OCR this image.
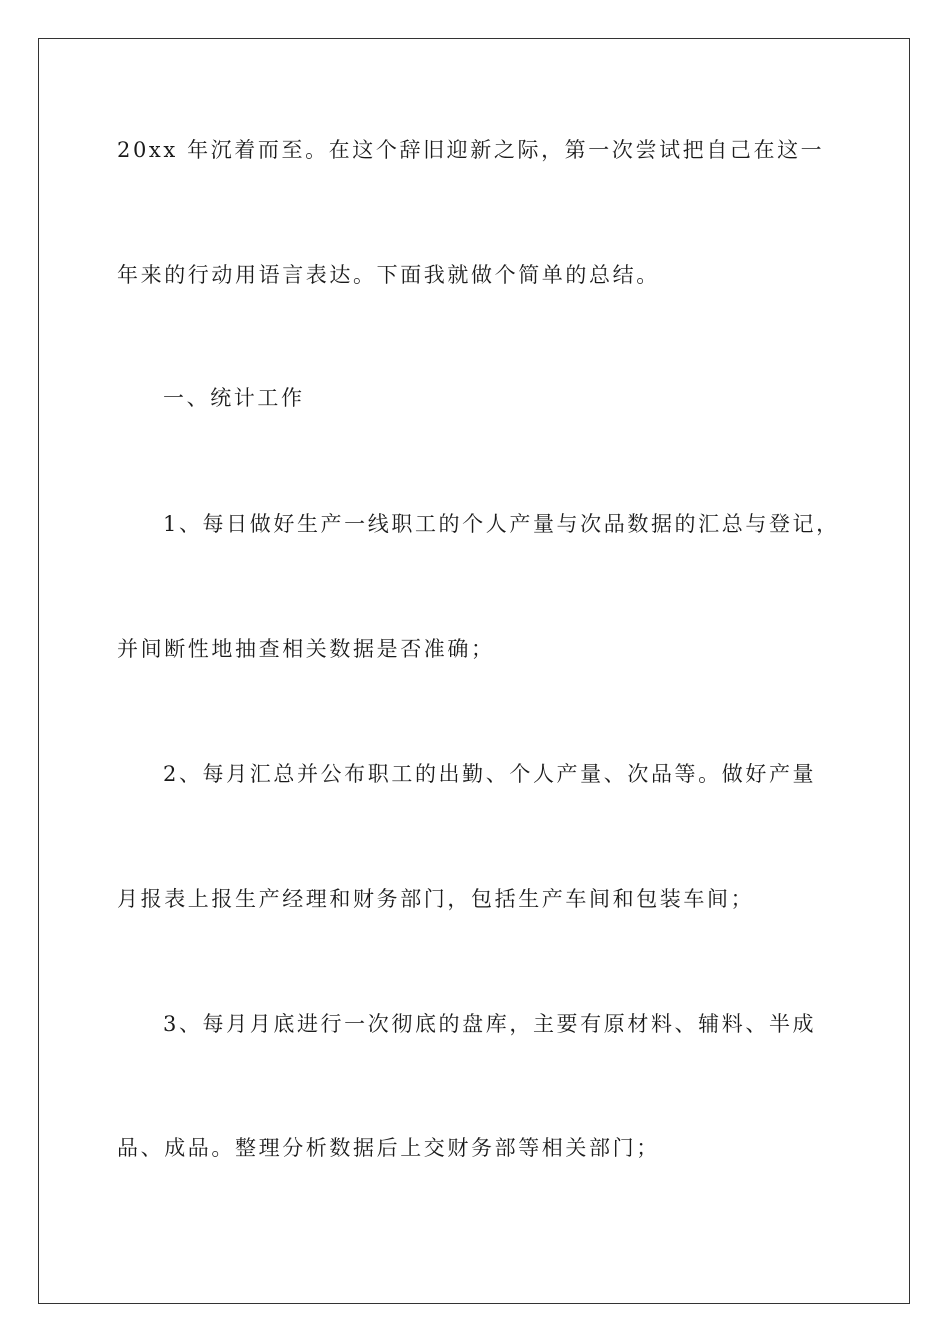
20xx 年沉着而至。在这个辞旧迎新之际，第一次尝试把自己在这一
年来的行动用语言表达。下面我就做个简单的总结。
一、统计工作
1、每日做好生产一线职工的个人产量与次品数据的汇总与登记，
并间断性地抽查相关数据是否准确；
2、每月汇总并公布职工的出勤、个人产量、次品等。做好产量
月报表上报生产经理和财务部门，包括生产车间和包装车间；
3、每月月底进行一次彻底的盘库，主要有原材料、辅料、半成
品、成品。整理分析数据后上交财务部等相关部门；
